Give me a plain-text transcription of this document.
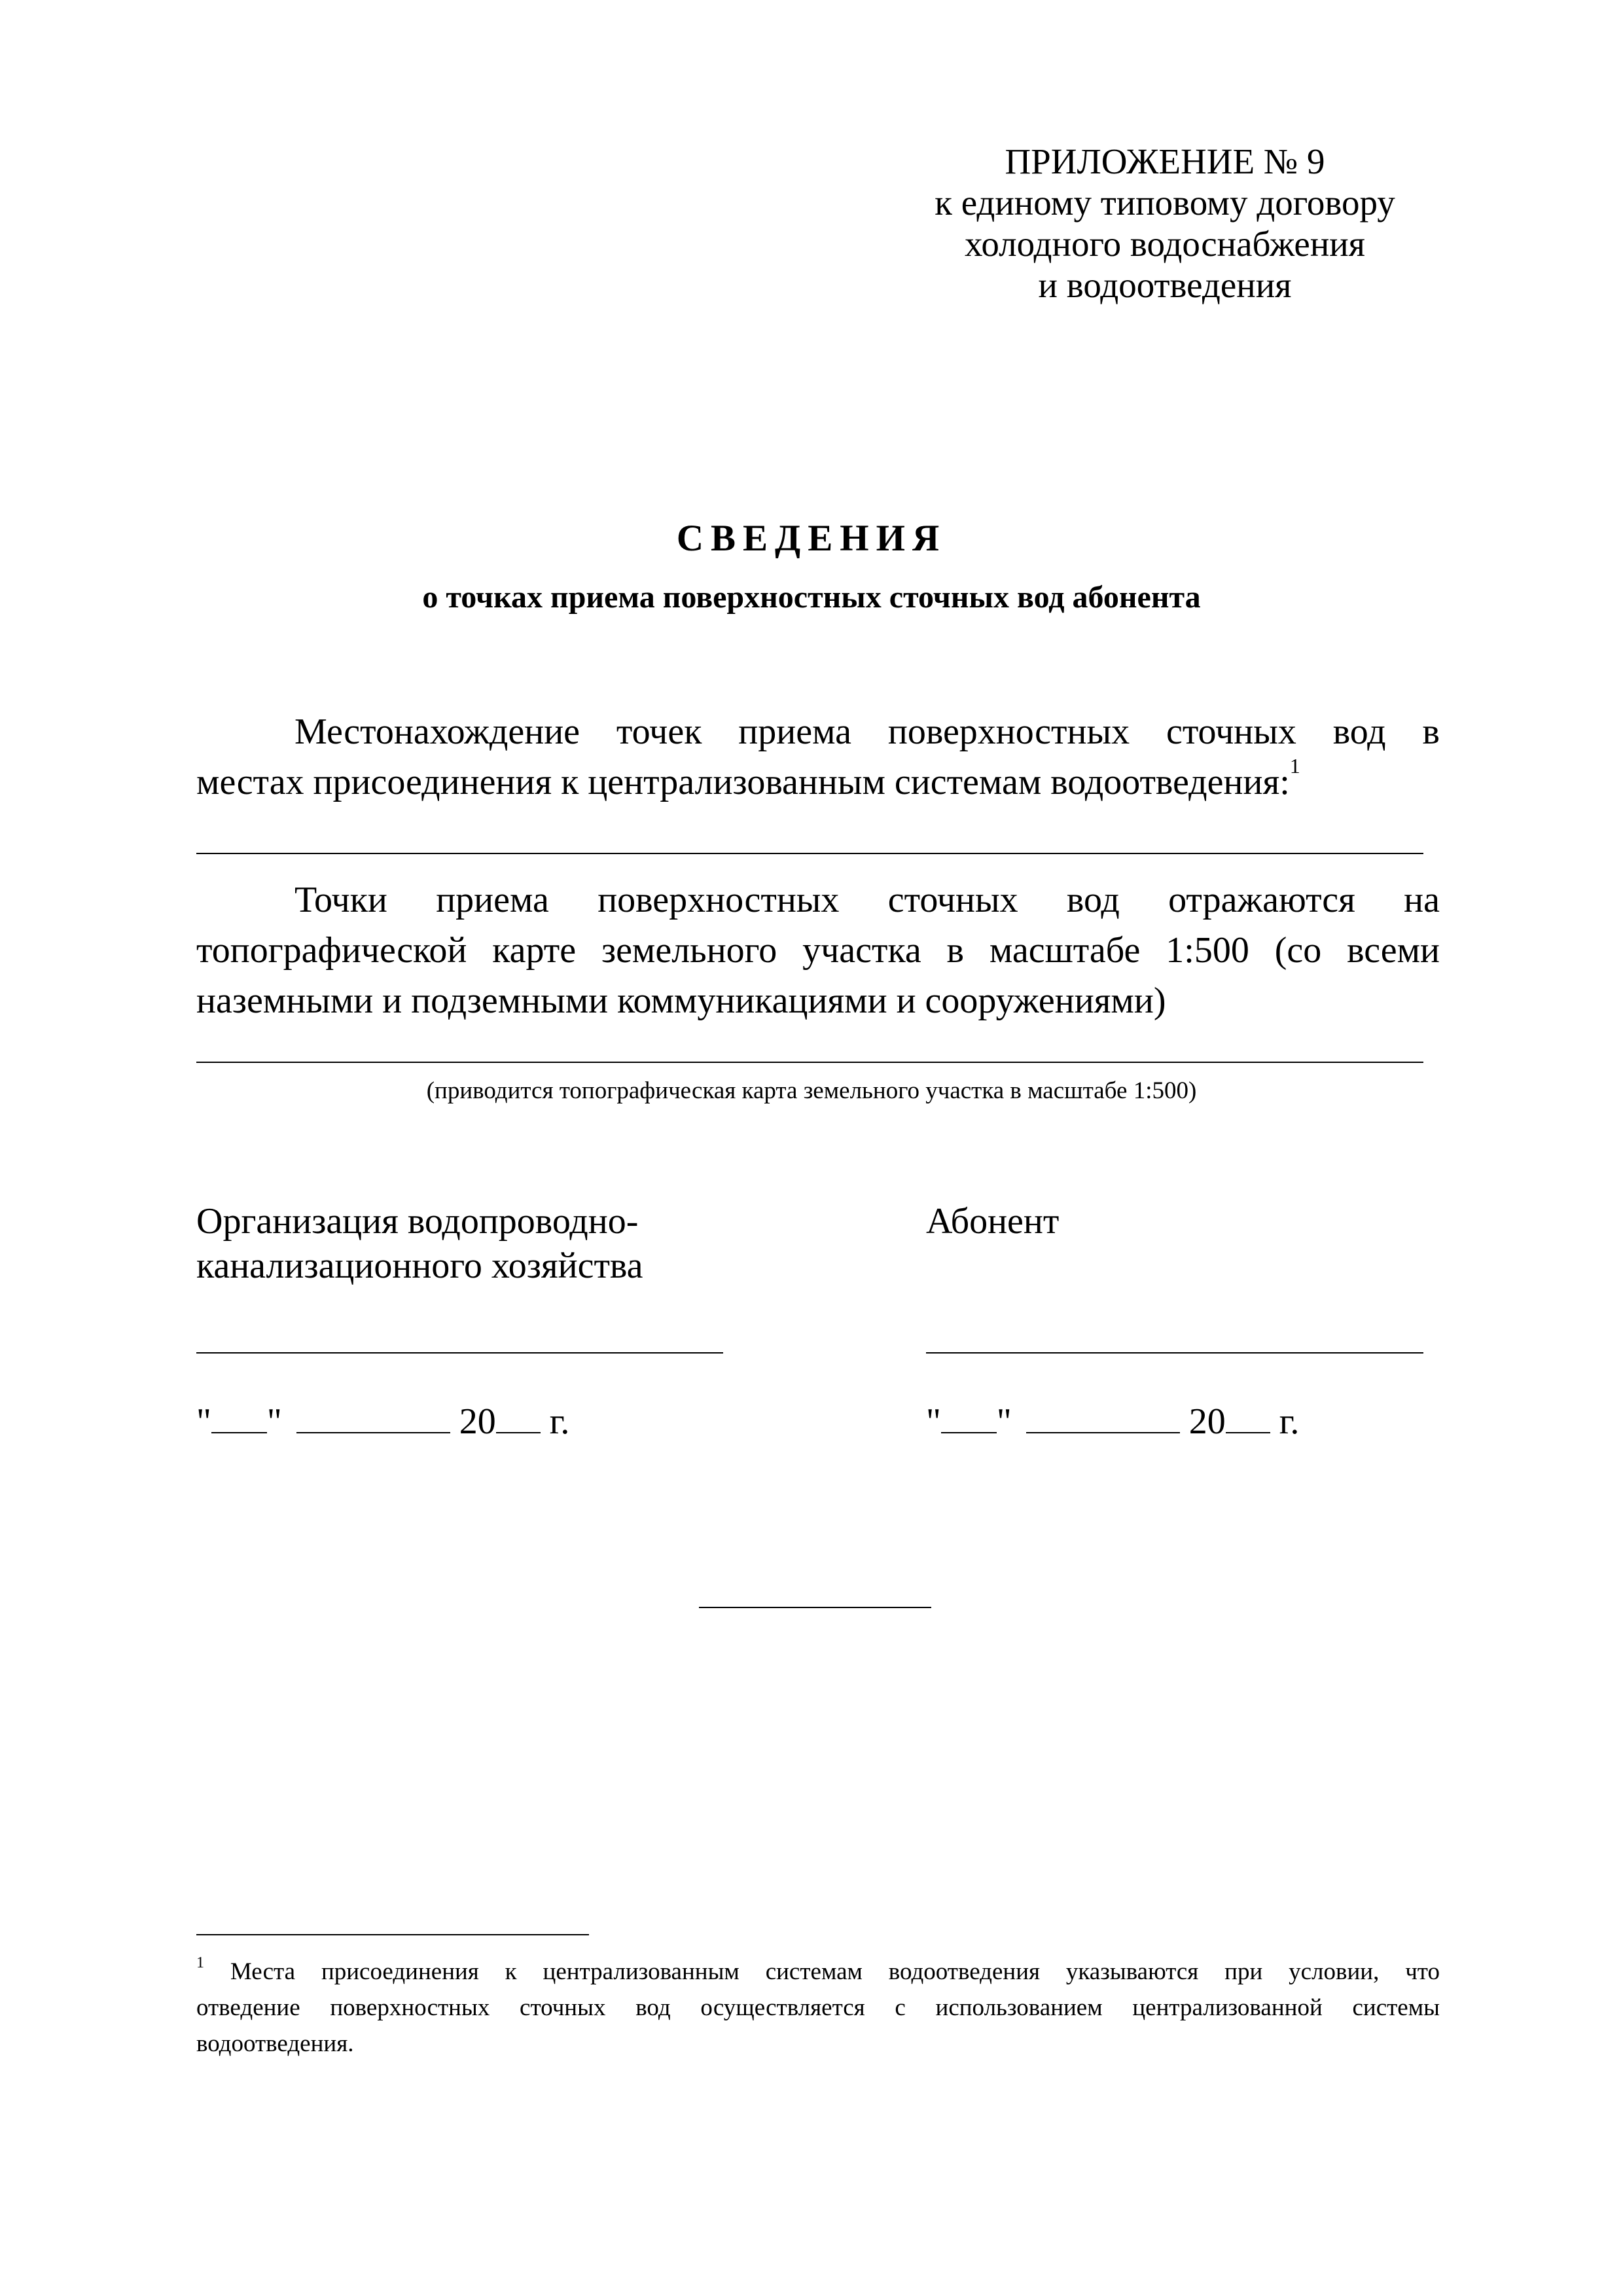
ПРИЛОЖЕНИЕ № 9
к единому типовому договору
холодного водоснабжения
и водоотведения
СВЕДЕНИЯ
о точках приема поверхностных сточных вод абонента
Местонахождение точек приема поверхностных сточных вод в
местах присоединения к централизованным системам водоотведения:$^1$
Точки приема поверхностных сточных вод отражаются на
топографической карте земельного участка в масштабе 1:500 (со всеми
наземными и подземными коммуникациями и сооружениями)
(приводится топографическая карта земельного участка в масштабе 1:500)
Организация водопроводно-
канализационного хозяйства
" "	20 г.
Абонент
" "	20 г.
$^1$ Места присоединения к централизованным системам водоотведения указываются при условии, что
отведение поверхностных сточных вод осуществляется с использованием централизованной системы
водоотведения.
